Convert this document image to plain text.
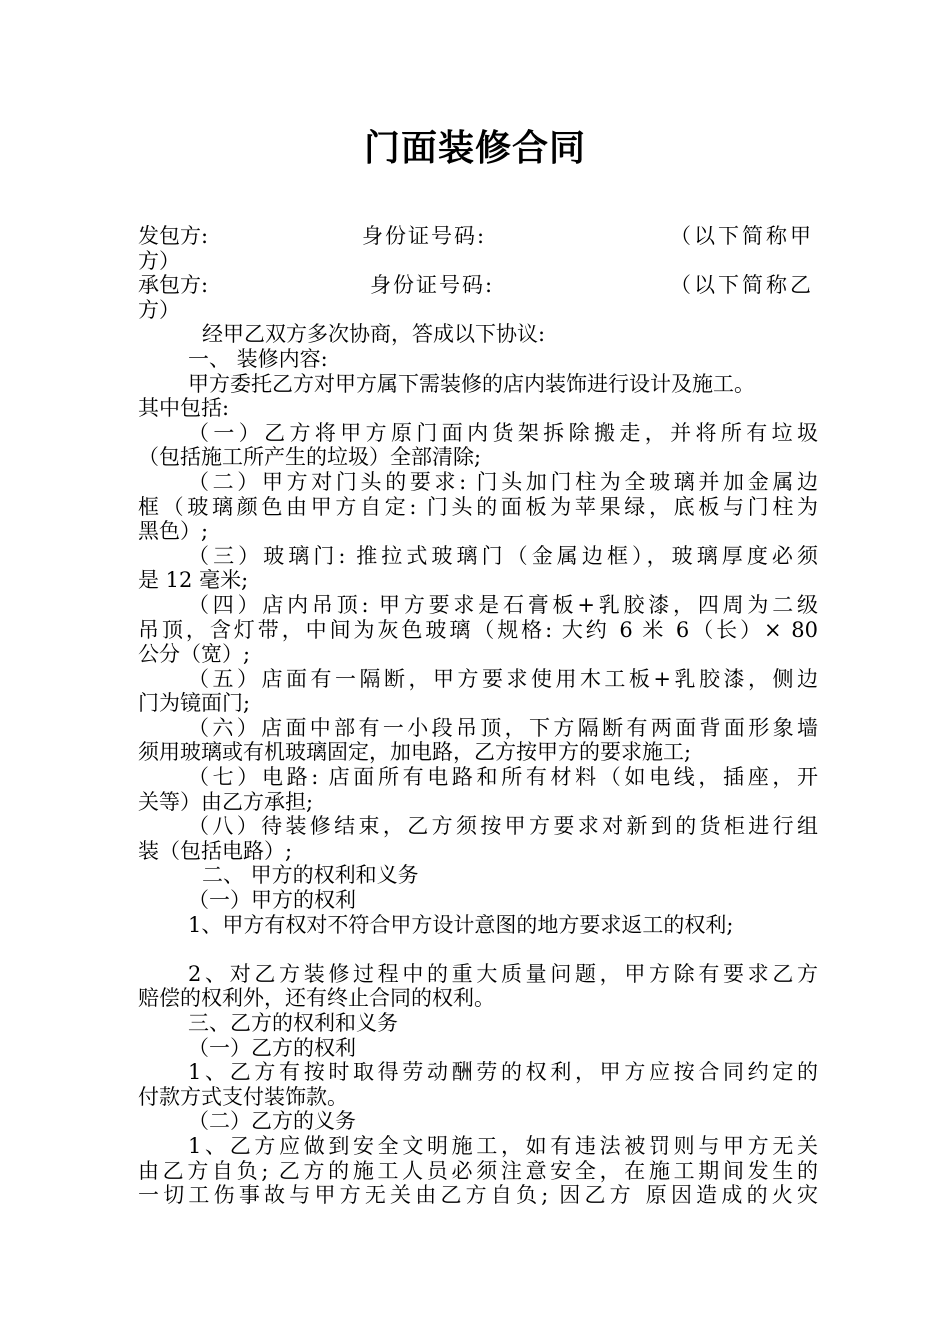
门面装修合同
发包方:	身份证号码:	（以下简称甲
方）
承包方:	身份证号码:	（以下简称乙
方）
经甲乙双方多次协商，答成以下协议:
一、 装修内容:
甲方委托乙方对甲方属下需装修的店内装饰进行设计及施工。
其中包括:
（一）乙方将甲方原门面内货架拆除搬走，并将所有垃圾
（包括施工所产生的垃圾）全部清除;
（二）甲方对门头的要求: 门头加门柱为全玻璃并加金属边
框（玻璃颜色由甲方自定: 门头的面板为苹果绿，底板与门柱为
黑色）;
（三）玻璃门: 推拉式玻璃门（金属边框），玻璃厚度必须
是 12 毫米;
（四）店内吊顶: 甲方要求是石膏板+乳胶漆，四周为二级
吊顶，含灯带，中间为灰色玻璃（规格: 大约 6 米 6（长）× 80
公分（宽）;
（五）店面有一隔断，甲方要求使用木工板+乳胶漆，侧边
门为镜面门;
（六）店面中部有一小段吊顶，下方隔断有两面背面形象墙
须用玻璃或有机玻璃固定，加电路，乙方按甲方的要求施工;
（七）电路: 店面所有电路和所有材料（如电线，插座，开
关等）由乙方承担;
（八）待装修结束，乙方须按甲方要求对新到的货柜进行组
装（包括电路）;
二、 甲方的权利和义务
（一）甲方的权利
1、甲方有权对不符合甲方设计意图的地方要求返工的权利;
2、对乙方装修过程中的重大质量问题，甲方除有要求乙方
赔偿的权利外，还有终止合同的权利。
三、乙方的权利和义务
（一）乙方的权利
1、乙方有按时取得劳动酬劳的权利，甲方应按合同约定的
付款方式支付装饰款。
（二）乙方的义务
1、乙方应做到安全文明施工，如有违法被罚则与甲方无关
由乙方自负; 乙方的施工人员必须注意安全，在施工期间发生的
一切工伤事故与甲方无关由乙方自负; 因乙方 原因造成的火灾
